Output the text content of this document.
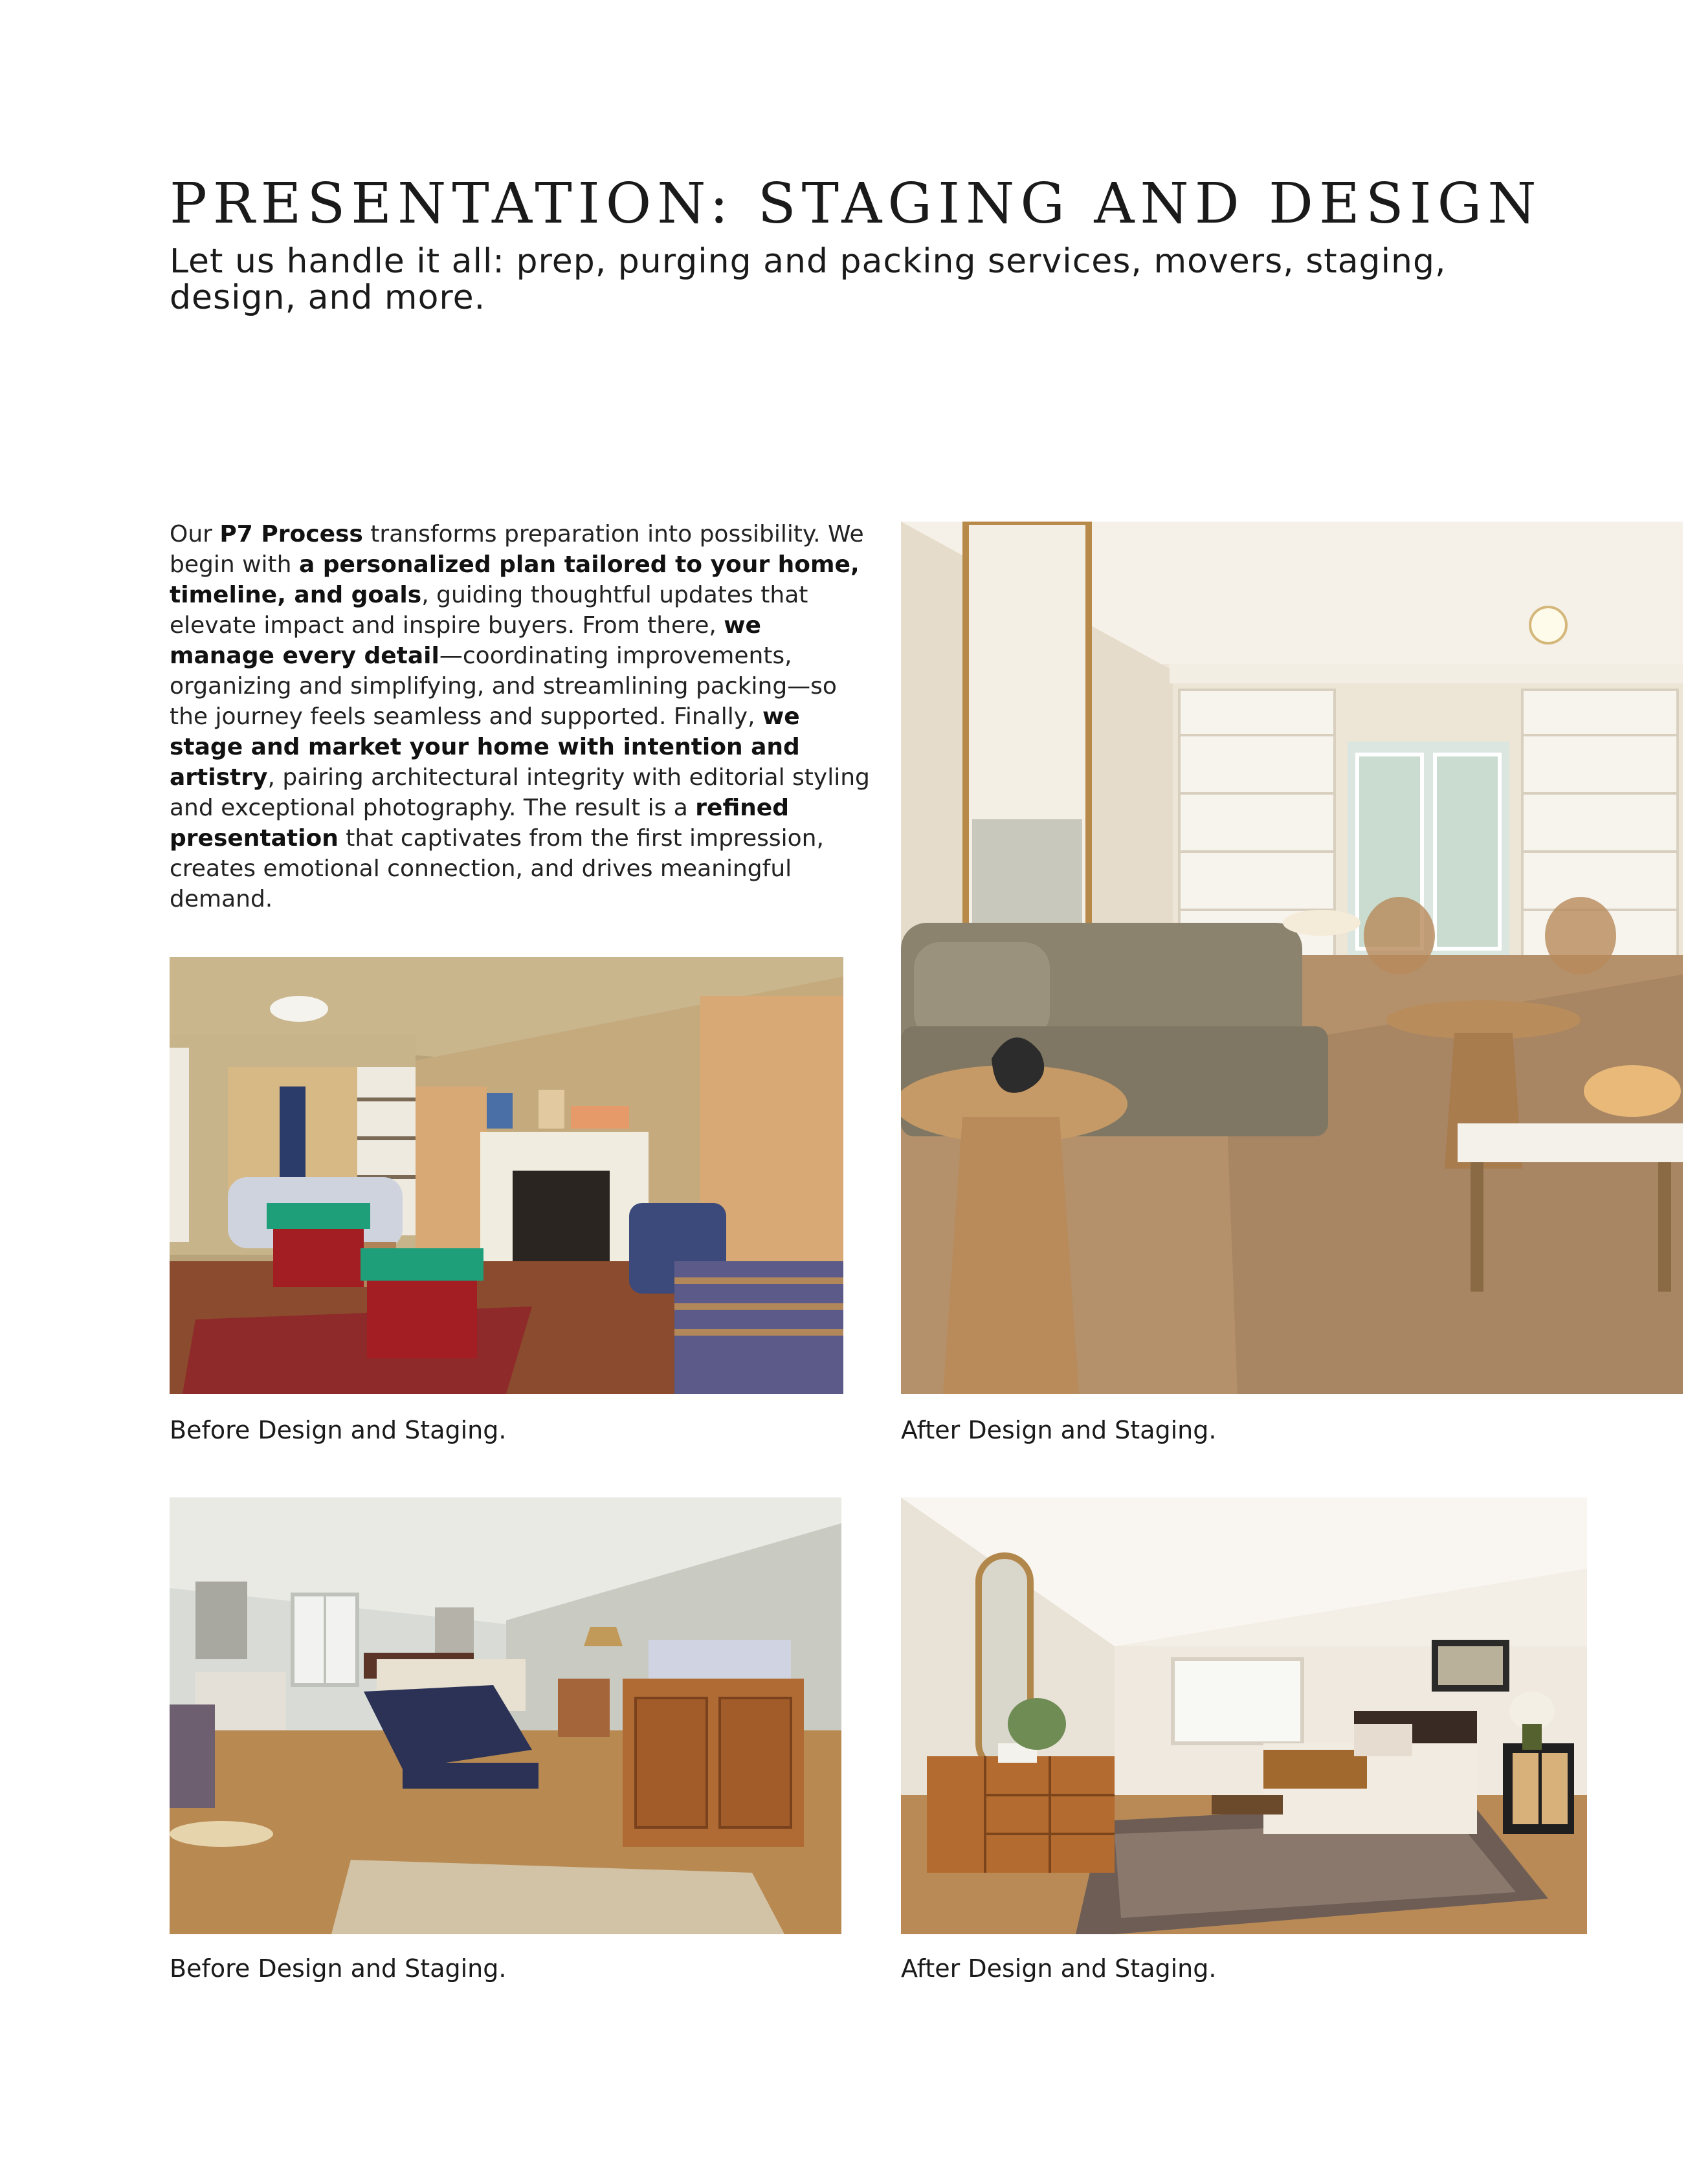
PRESENTATION: STAGING AND DESIGN

Let us handle it all: prep, purging and packing services, movers, staging, design, and more.

Our P7 Process transforms preparation into possibility. We begin with a personalized plan tailored to your home, timeline, and goals, guiding thoughtful updates that elevate impact and inspire buyers. From there, we manage every detail—coordinating improvements, organizing and simplifying, and streamlining packing—so the journey feels seamless and supported. Finally, we stage and market your home with intention and artistry, pairing architectural integrity with editorial styling and exceptional photography. The result is a refined presentation that captivates from the first impression, creates emotional connection, and drives meaningful demand.

Before Design and Staging.	After Design and Staging.

Before Design and Staging.	After Design and Staging.
